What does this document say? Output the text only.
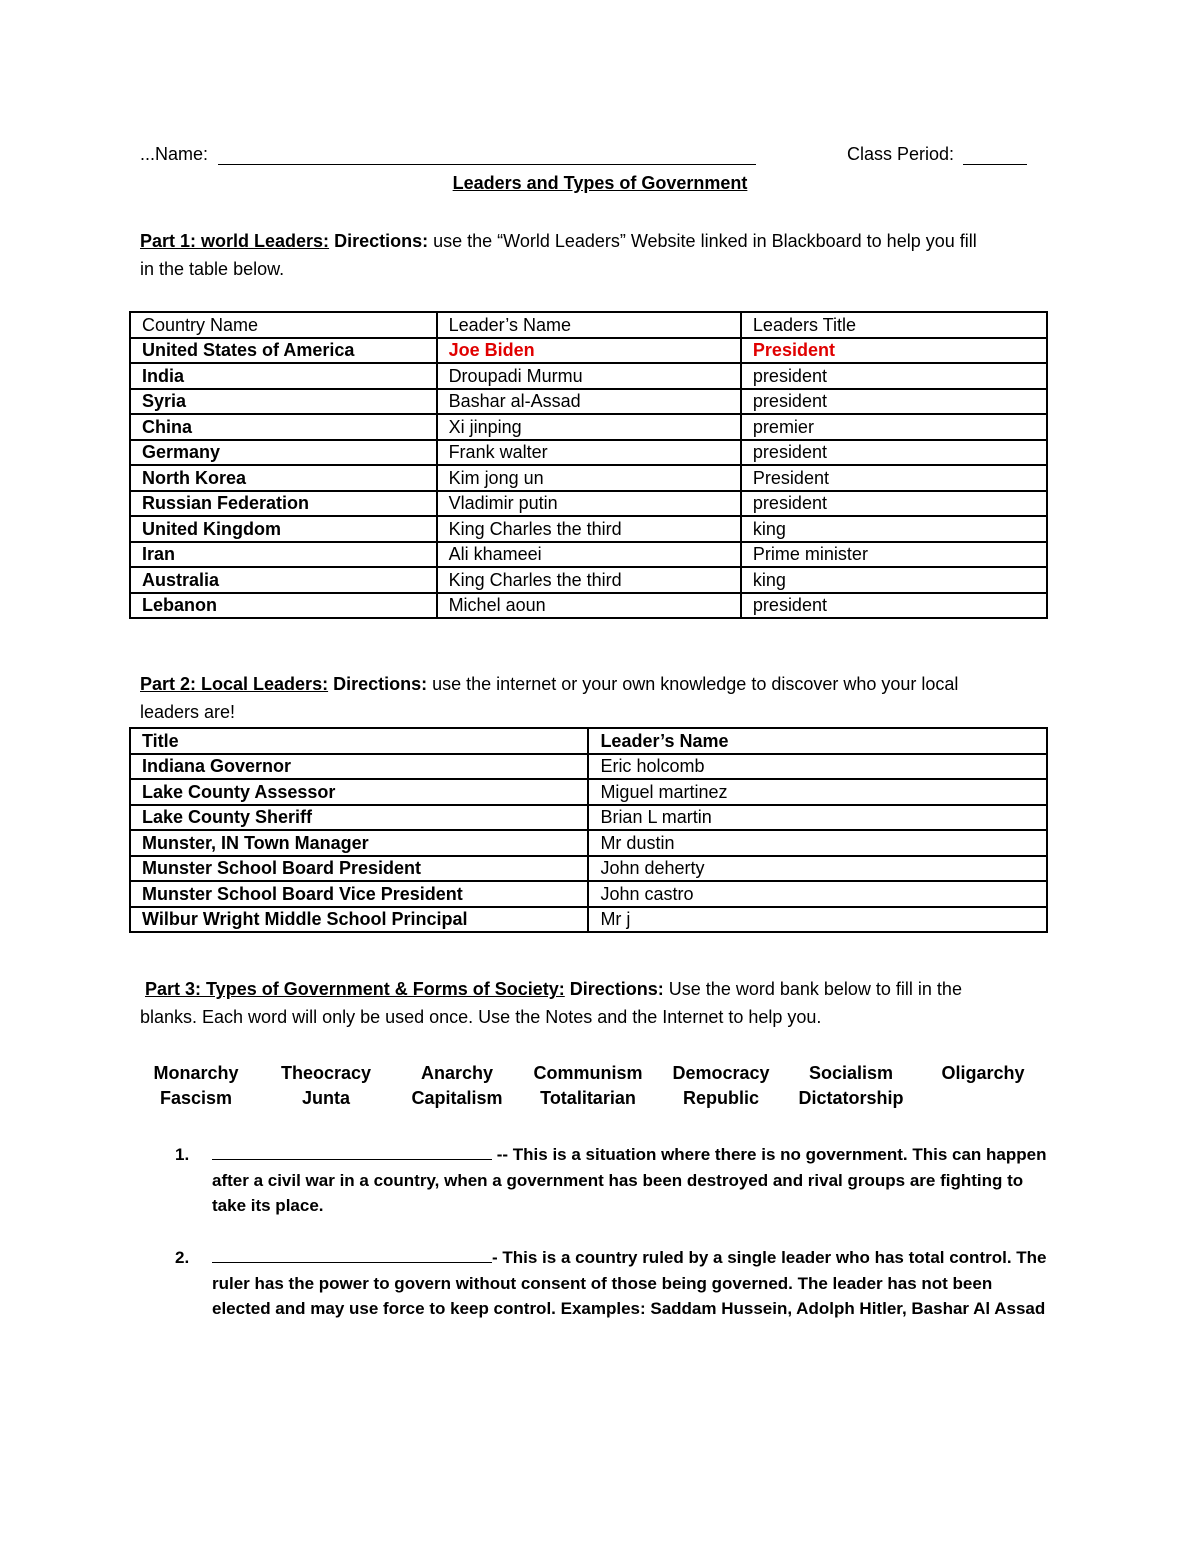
...Name:	Class Period:
Leaders and Types of Government
Part 1: world Leaders: Directions: use the “World Leaders” Website linked in Blackboard to help you fill
in the table below.
Country Name	Leader’s Name	Leaders Title
United States of America	Joe Biden	President
India	Droupadi Murmu	president
Syria	Bashar al-Assad	president
China	Xi jinping	premier
Germany	Frank walter	president
North Korea	Kim jong un	President
Russian Federation	Vladimir putin	president
United Kingdom	King Charles the third	king
Iran	Ali khameei	Prime minister
Australia	King Charles the third	king
Lebanon	Michel aoun	president
Part 2: Local Leaders: Directions: use the internet or your own knowledge to discover who your local
leaders are!
Title	Leader’s Name
Indiana Governor	Eric holcomb
Lake County Assessor	Miguel martinez
Lake County Sheriff	Brian L martin
Munster, IN Town Manager	Mr dustin
Munster School Board President	John deherty
Munster School Board Vice President	John castro
Wilbur Wright Middle School Principal	Mr j
Part 3: Types of Government & Forms of Society: Directions: Use the word bank below to fill in the
blanks. Each word will only be used once. Use the Notes and the Internet to help you.
Monarchy	Theocracy	Anarchy	Communism	Democracy	Socialism	Oligarchy
Fascism	Junta	Capitalism	Totalitarian	Republic	Dictatorship
1.	-- This is a situation where there is no government. This can happen after a civil war in a country, when a government has been destroyed and rival groups are fighting to take its place.
2.	- This is a country ruled by a single leader who has total control. The ruler has the power to govern without consent of those being governed. The leader has not been elected and may use force to keep control. Examples: Saddam Hussein, Adolph Hitler, Bashar Al Assad
